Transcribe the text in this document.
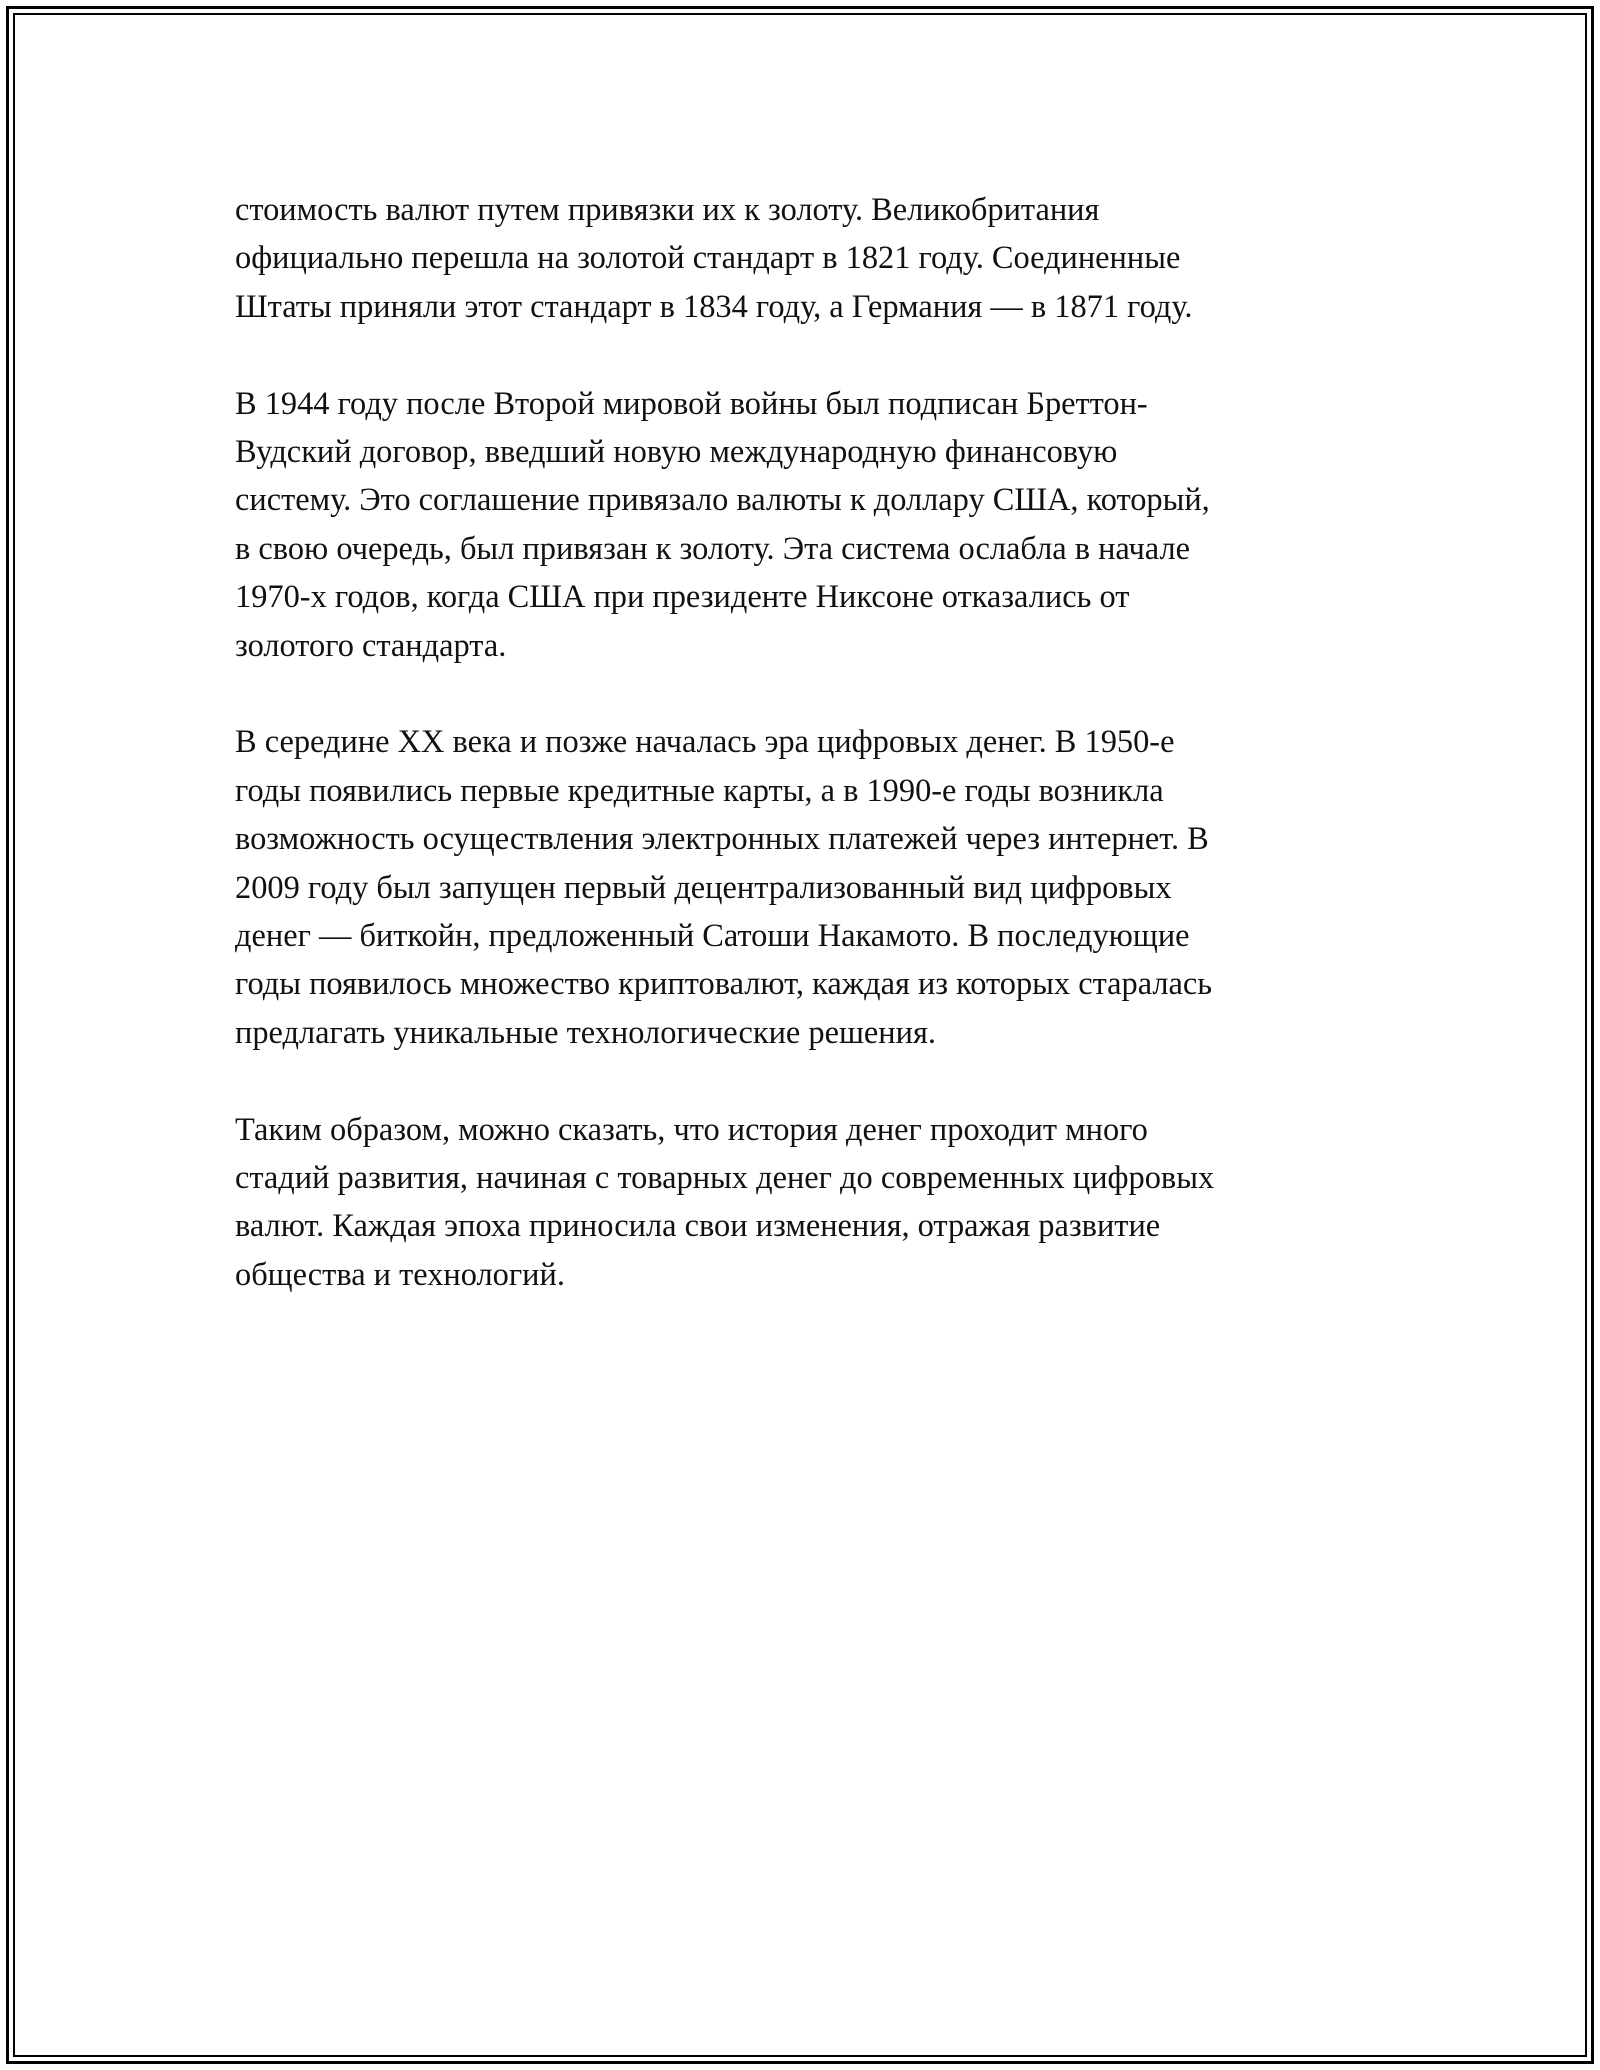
стоимость валют путем привязки их к золоту. Великобритания
официально перешла на золотой стандарт в 1821 году. Соединенные
Штаты приняли этот стандарт в 1834 году, а Германия — в 1871 году.

В 1944 году после Второй мировой войны был подписан Бреттон-
Вудский договор, введший новую международную финансовую
систему. Это соглашение привязало валюты к доллару США, который,
в свою очередь, был привязан к золоту. Эта система ослабла в начале
1970-х годов, когда США при президенте Никсоне отказались от
золотого стандарта.

В середине XX века и позже началась эра цифровых денег. В 1950-е
годы появились первые кредитные карты, а в 1990-е годы возникла
возможность осуществления электронных платежей через интернет. В
2009 году был запущен первый децентрализованный вид цифровых
денег — биткойн, предложенный Сатоши Накамото. В последующие
годы появилось множество криптовалют, каждая из которых старалась
предлагать уникальные технологические решения.

Таким образом, можно сказать, что история денег проходит много
стадий развития, начиная с товарных денег до современных цифровых
валют. Каждая эпоха приносила свои изменения, отражая развитие
общества и технологий.
